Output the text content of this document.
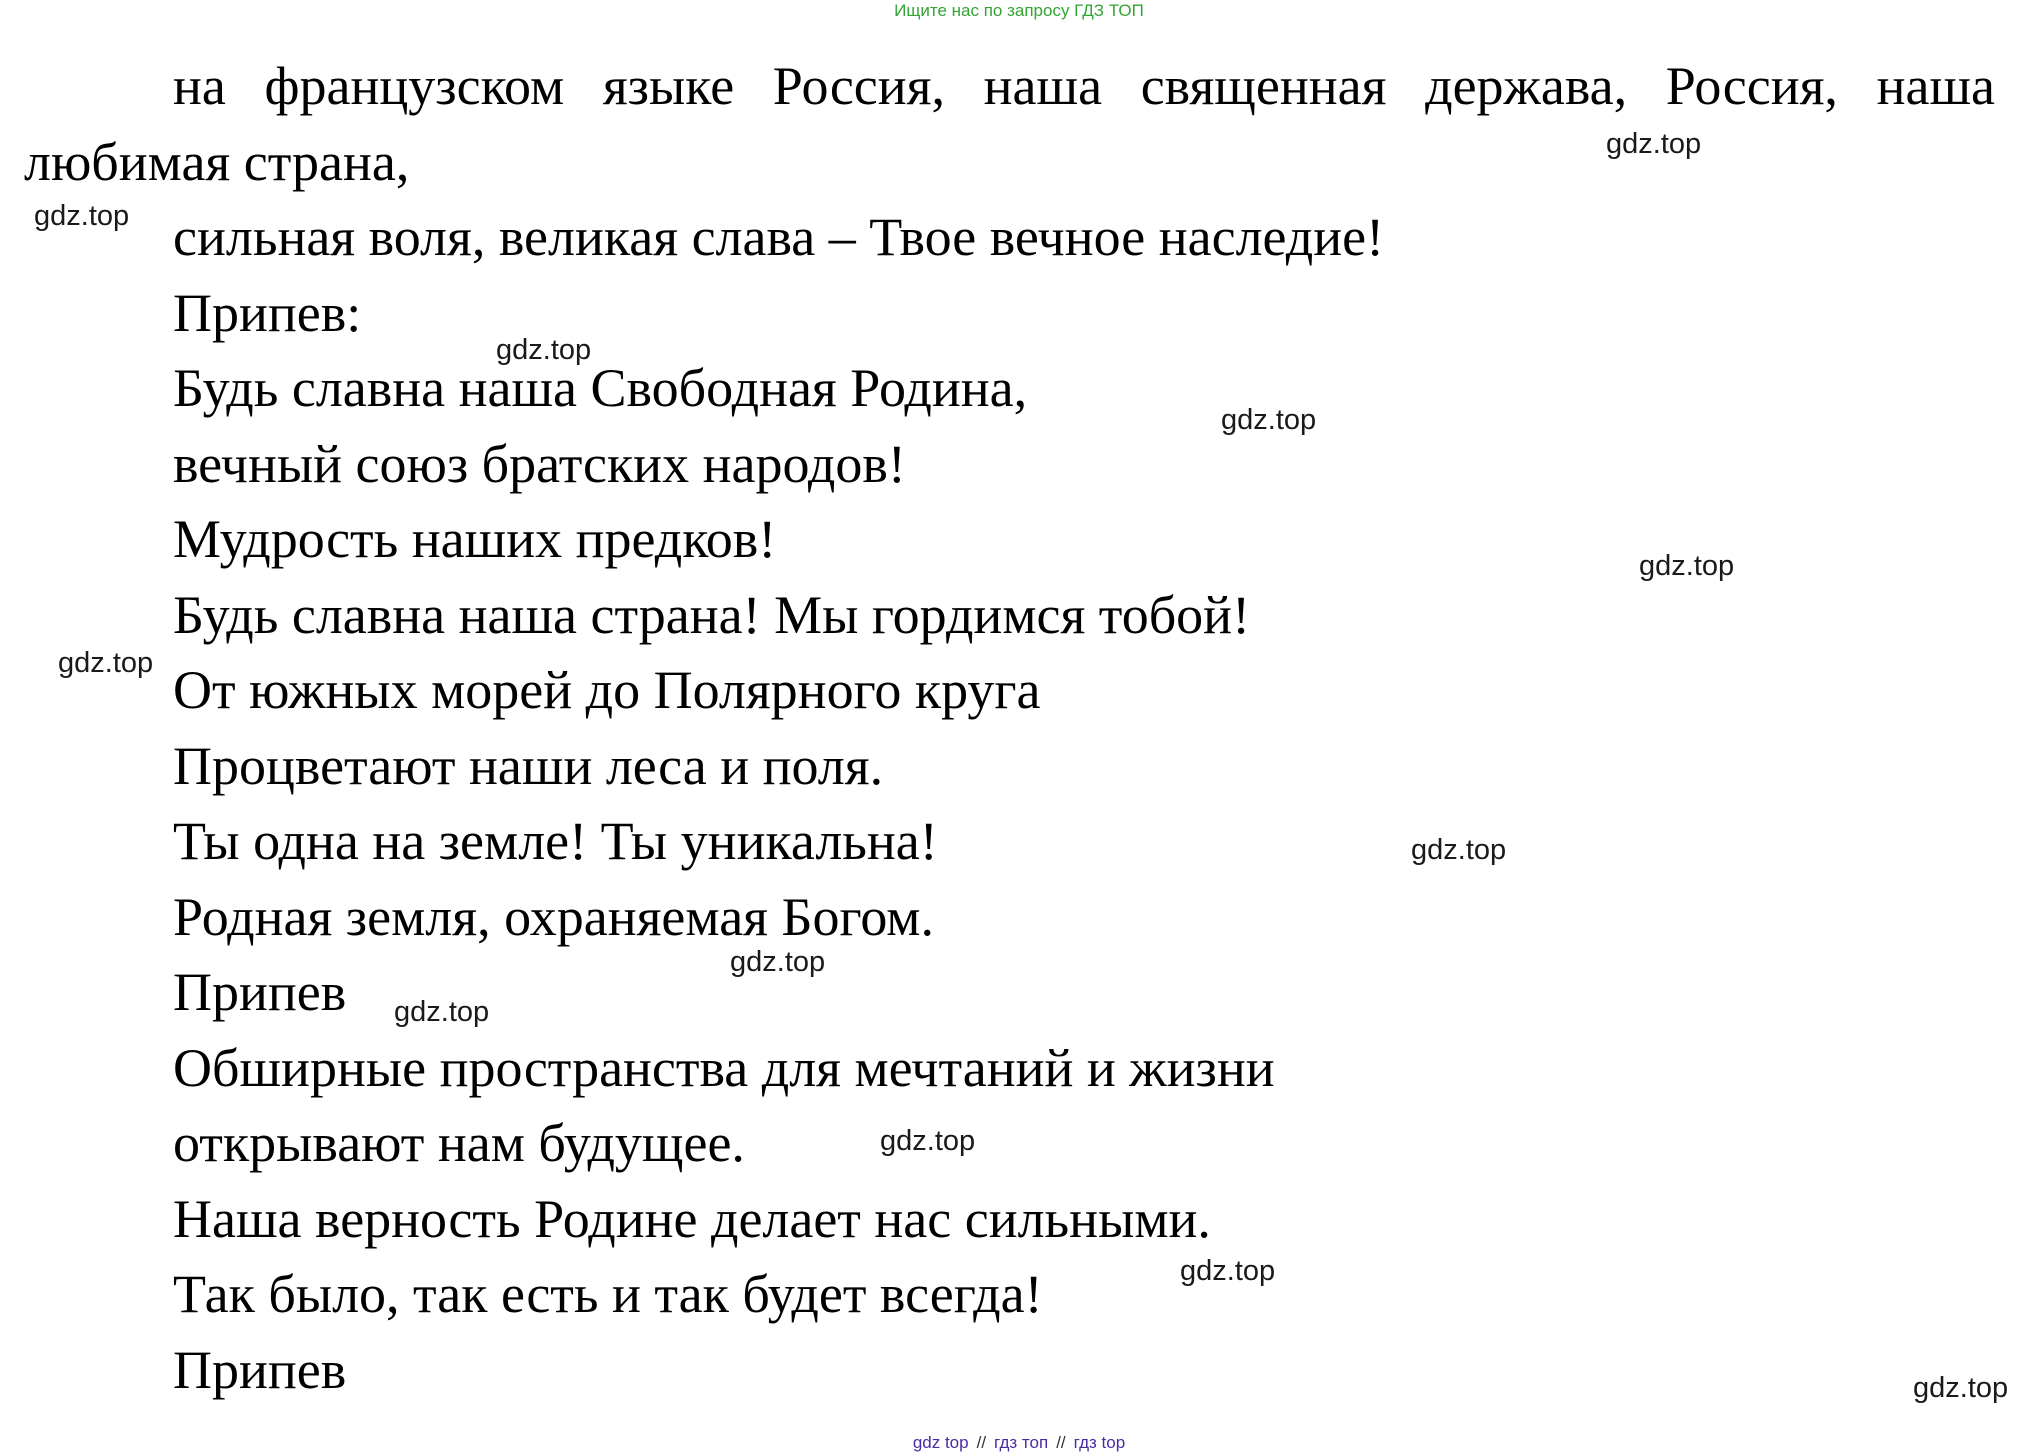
Ищите нас по запросу ГДЗ ТОП
на французском языке Россия, наша священная держава, Россия, наша любимая страна,
сильная воля, великая слава – Твое вечное наследие!
Припев:
Будь славна наша Свободная Родина,
вечный союз братских народов!
Мудрость наших предков!
Будь славна наша страна! Мы гордимся тобой!
От южных морей до Полярного круга
Процветают наши леса и поля.
Ты одна на земле! Ты уникальна!
Родная земля, охраняемая Богом.
Припев
Обширные пространства для мечтаний и жизни
открывают нам будущее.
Наша верность Родине делает нас сильными.
Так было, так есть и так будет всегда!
Припев
gdz.top
gdz.top
gdz.top
gdz.top
gdz.top
gdz.top
gdz.top
gdz.top
gdz.top
gdz.top
gdz.top
gdz.top
gdz top // гдз топ // гдз top
